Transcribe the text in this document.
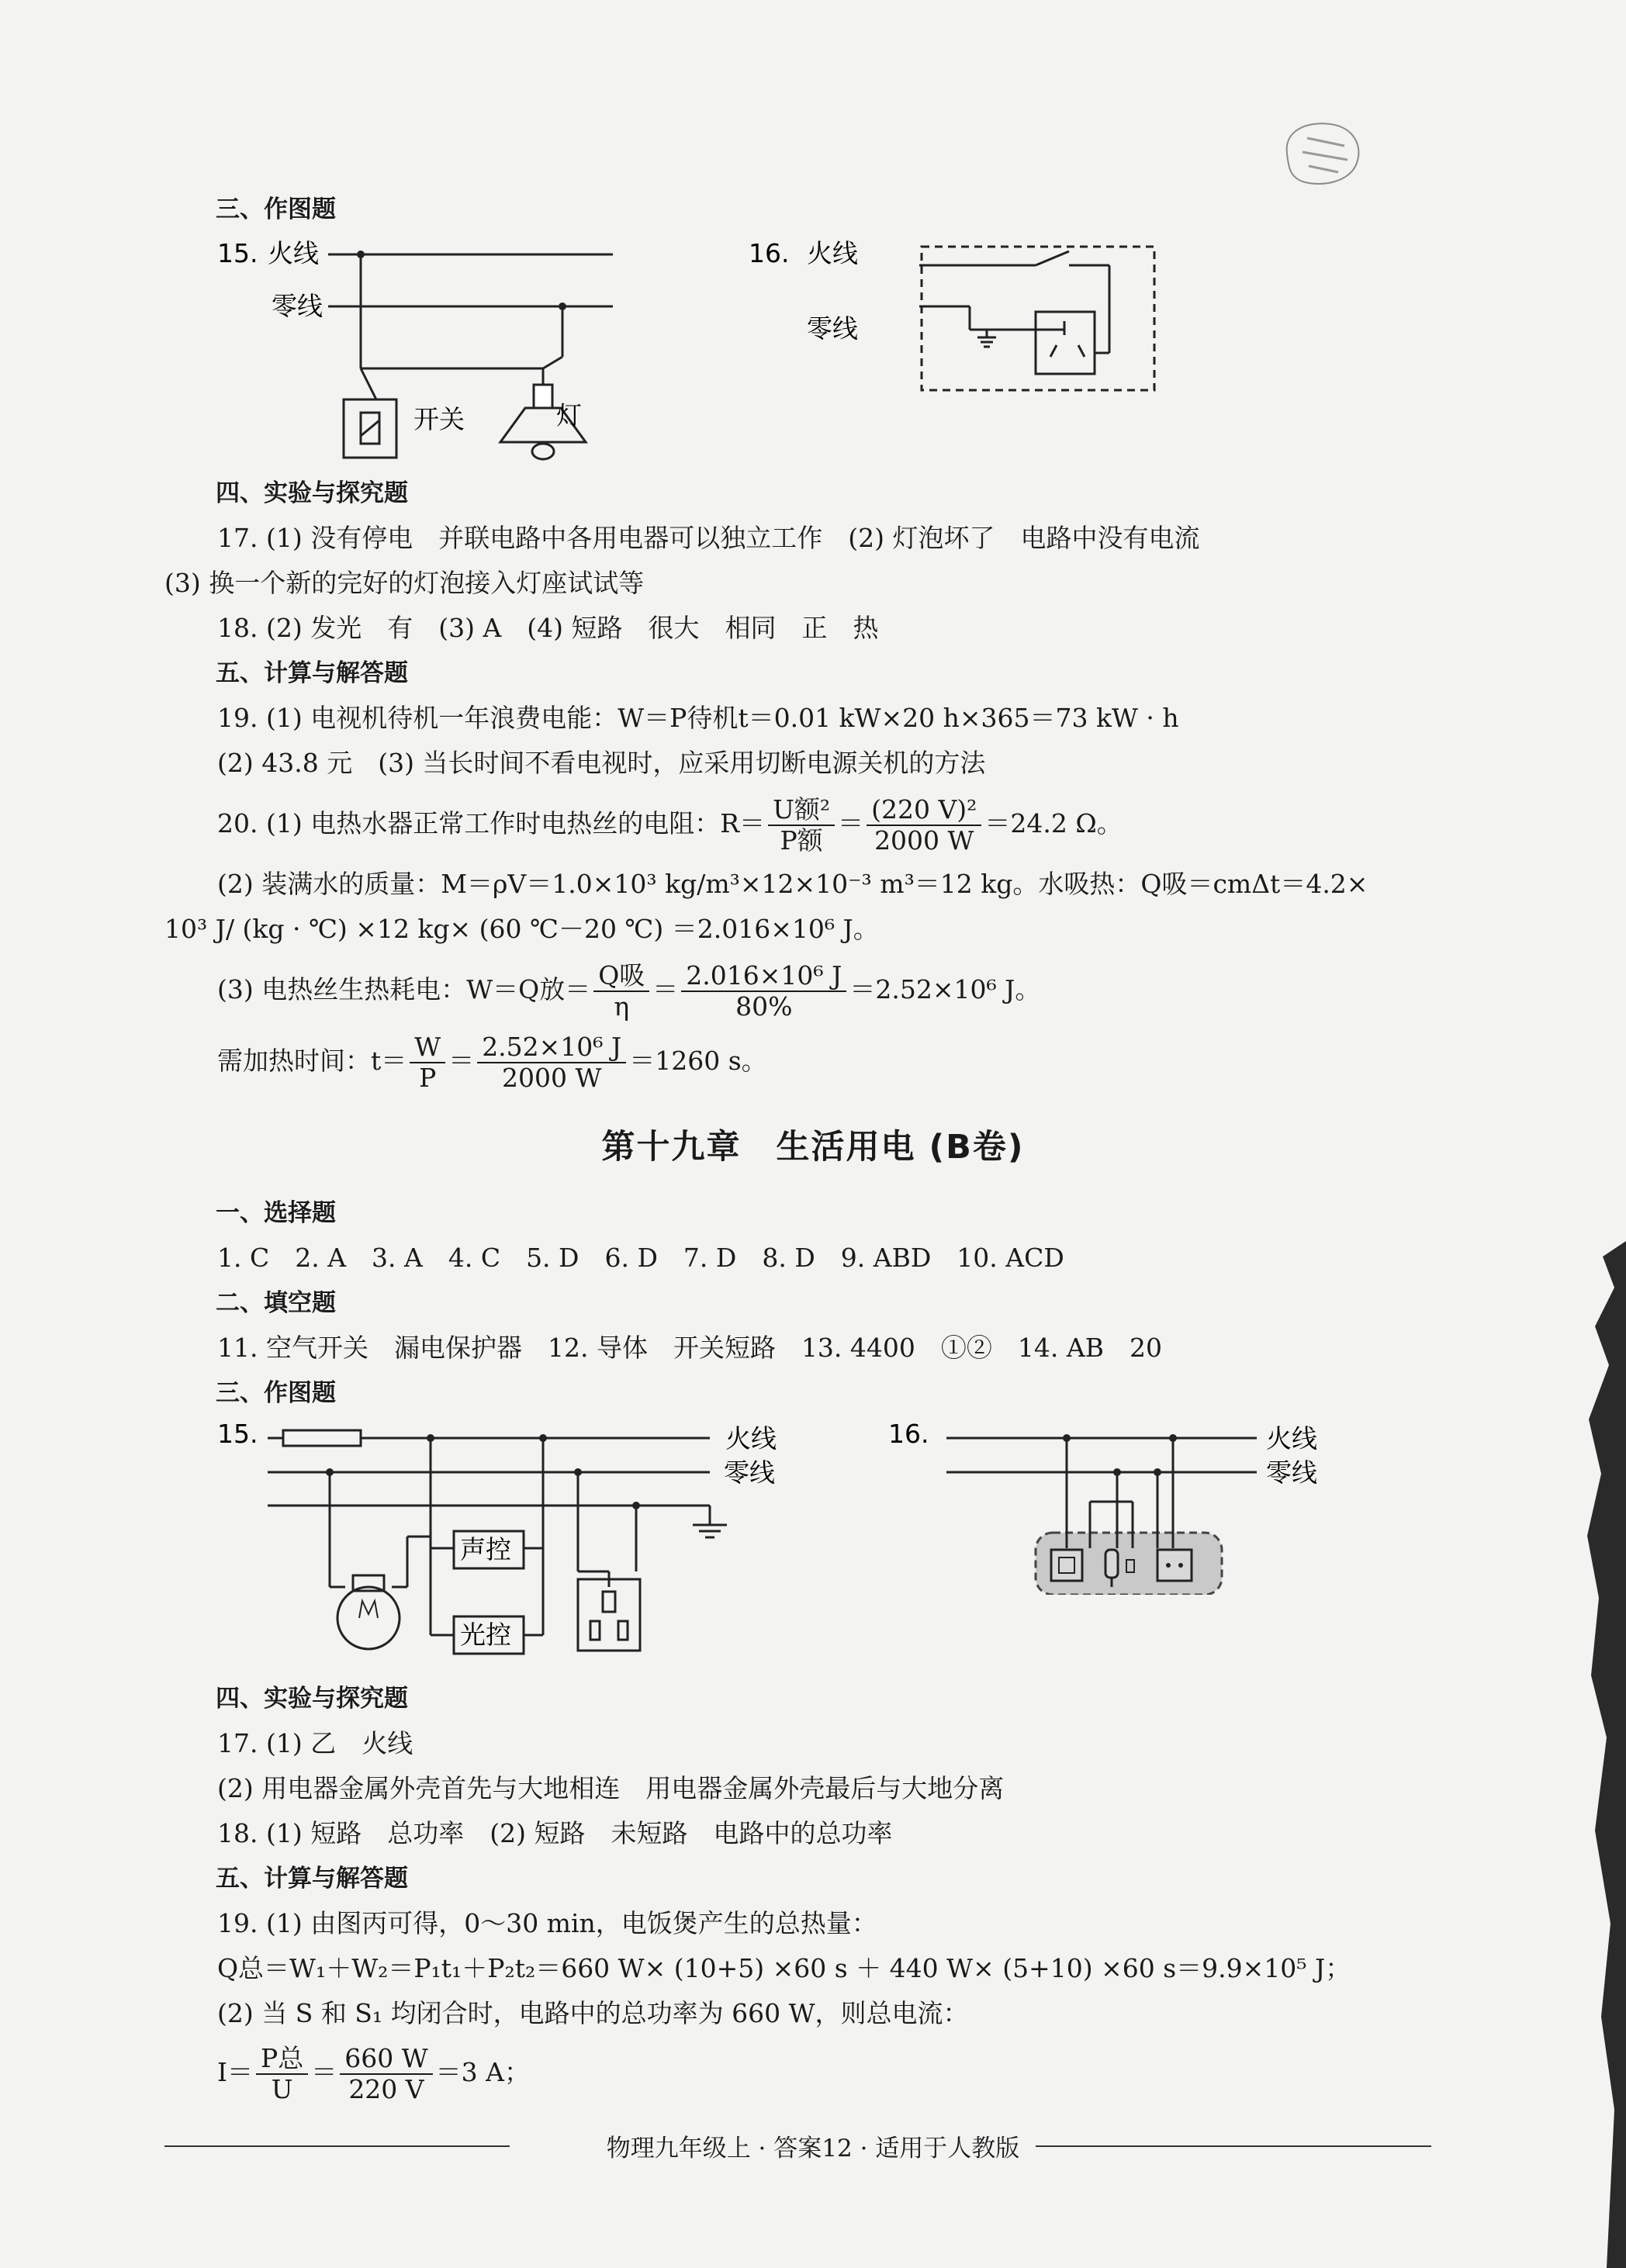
三、作图题
15. 火线
零线
开关	灯
16. 火线
零线
四、实验与探究题
17. (1) 没有停电　并联电路中各用电器可以独立工作　(2) 灯泡坏了　电路中没有电流
(3) 换一个新的完好的灯泡接入灯座试试等
18. (2) 发光　有　(3) A　(4) 短路　很大　相同　正　热
五、计算与解答题
19. (1) 电视机待机一年浪费电能：W＝P待机t＝0.01 kW×20 h×365＝73 kW · h
(2) 43.8 元　(3) 当长时间不看电视时，应采用切断电源关机的方法
20. (1) 电热水器正常工作时电热丝的电阻：$R= \frac{\text{U额²}}{\text{P额}} = \frac{\text{(220 V)²}}{2000 W} =24.2$ Ω。
(2) 装满水的质量：M＝ρV＝1.0×10³ kg/m³×12×10⁻³ m³＝12 kg。水吸热：Q吸＝cmΔt＝4.2×
10³ J/ (kg · ℃) ×12 kg× (60 ℃－20 ℃) ＝2.016×10⁶ J。
(3) 电热丝生热耗电：W＝Q放＝ $\frac{\text{Q吸}}{\eta} = \frac{\text{2.016×10⁶ J}}{80\%} =2.52\times 10^6$ J。
需加热时间：$t= \frac{W}{P} = \frac{\text{2.52×10⁶ J}}{2000 W} =1260$ s。
第十九章　生活用电 (B卷)
一、选择题
1. C　2. A　3. A　4. C　5. D　6. D　7. D　8. D　9. ABD　10. ACD
二、填空题
11. 空气开关　漏电保护器　12. 导体　开关短路　13. 4400　①②　14. AB　20
三、作图题
15.	火线
零线
声控
光控
16.	火线
零线
四、实验与探究题
17. (1) 乙　火线
(2) 用电器金属外壳首先与大地相连　用电器金属外壳最后与大地分离
18. (1) 短路　总功率　(2) 短路　未短路　电路中的总功率
五、计算与解答题
19. (1) 由图丙可得，0～30 min，电饭煲产生的总热量：
Q总＝W₁＋W₂＝P₁t₁＋P₂t₂＝660 W× (10+5) ×60 s ＋ 440 W× (5+10) ×60 s＝9.9×10⁵ J；
(2) 当 S 和 S₁ 均闭合时，电路中的总功率为 660 W，则总电流：
$I= \frac{\text{P总}}{U} = \frac{660 W}{220 V} =3$ A；
物理九年级上 · 答案12 · 适用于人教版
